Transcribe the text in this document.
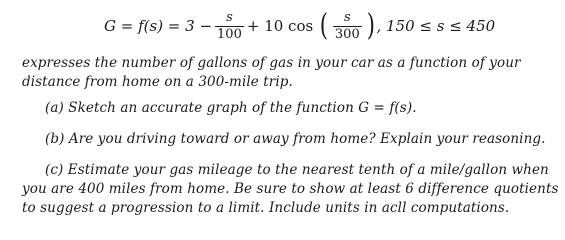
$G = f(s) = 3 - \frac{s}{100} + 10$ cos ( $\frac{s}{300}$ ) , 150 ≤ s ≤ 450
expresses the number of gallons of gas in your car as a function of your
distance from home on a 300-mile trip.
(a) Sketch an accurate graph of the function G = f(s).
(b) Are you driving toward or away from home? Explain your reasoning.
(c) Estimate your gas mileage to the nearest tenth of a mile/gallon when
you are 400 miles from home. Be sure to show at least 6 difference quotients
to suggest a progression to a limit. Include units in acll computations.
